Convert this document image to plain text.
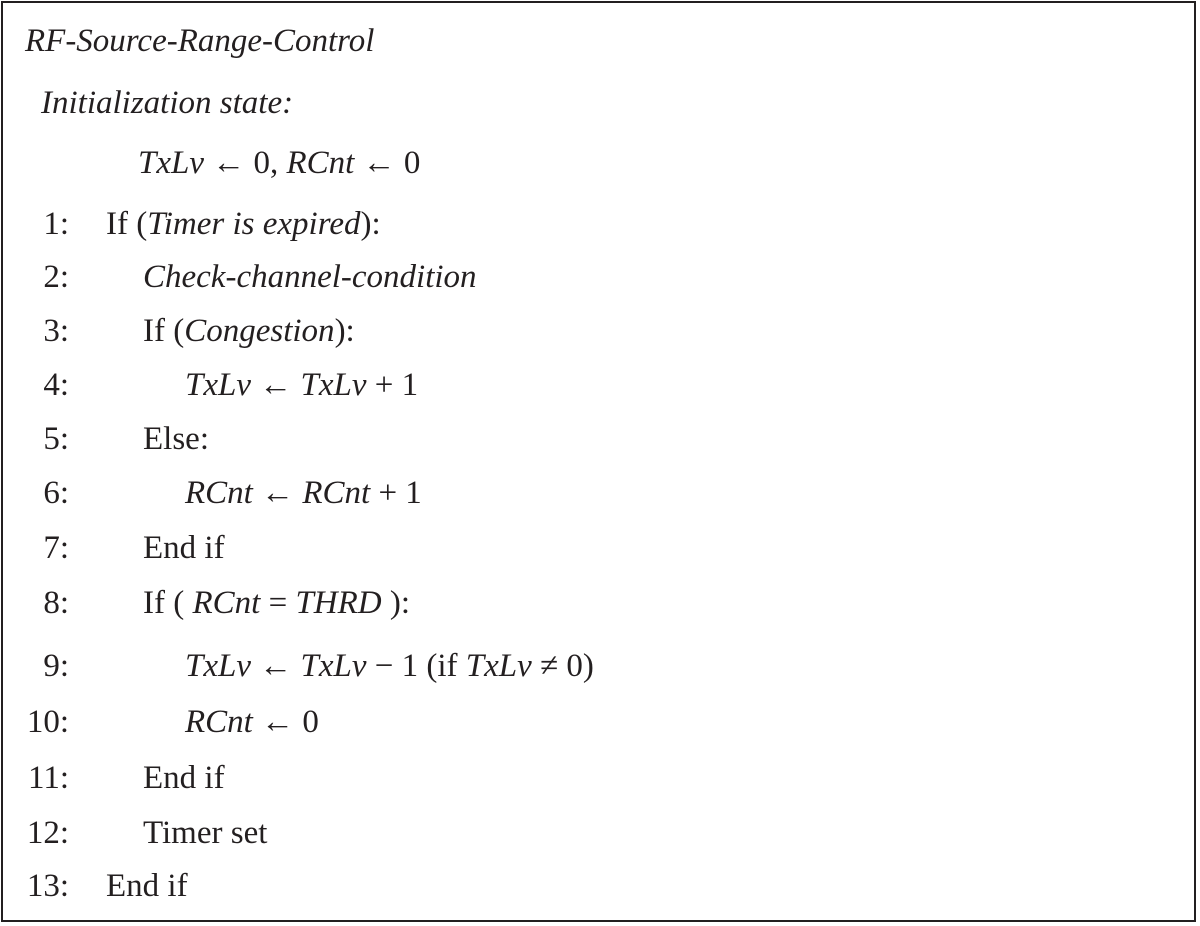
RF-Source-Range-Control
Initialization state:
TxLv ← 0, RCnt ← 0
1: If (Timer is expired):
2: Check-channel-condition
3: If (Congestion):
4:	TxLv ← TxLv + 1
5: Else:
6:	RCnt ← RCnt + 1
7: End if
8: If ( RCnt = THRD ):
9:	TxLv ← TxLv − 1 (if TxLv ≠ 0)
10:	RCnt ← 0
11: End if
12: Timer set
13: End if
